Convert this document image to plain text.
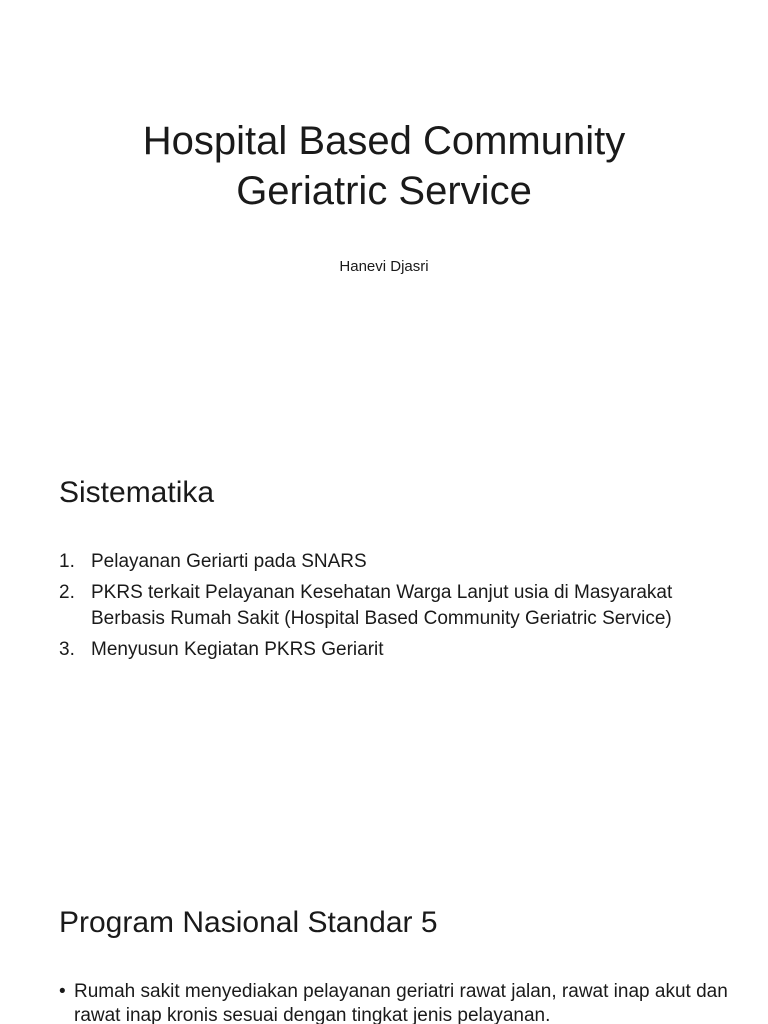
Hospital Based Community
Geriatric Service

Hanevi Djasri

Sistematika
1. Pelayanan Geriarti pada SNARS
2. PKRS terkait Pelayanan Kesehatan Warga Lanjut usia di Masyarakat Berbasis Rumah Sakit (Hospital Based Community Geriatric Service)
3. Menyusun Kegiatan PKRS Geriarit
Program Nasional Standar 5
• Rumah sakit menyediakan pelayanan geriatri rawat jalan, rawat inap akut dan rawat inap kronis sesuai dengan tingkat jenis pelayanan.
